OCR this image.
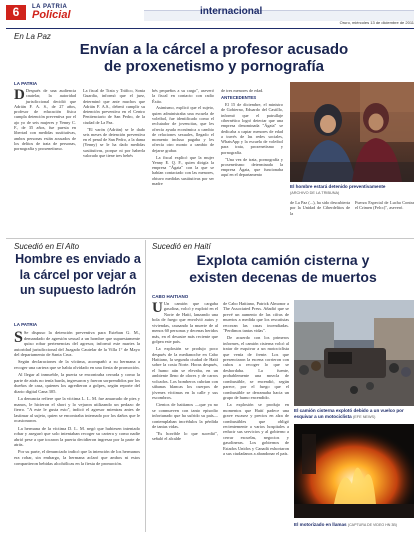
6	LA PATRIA
Policial	internacional
Oruro, miércoles 13 de diciembre de 2011
En La Paz
Envían a la cárcel a profesor acusado
de proxenetismo y pornografía
LA PATRIA
D Después de una audiencia cautelar, la autoridad jurisdiccional decidió que Adrián F. A. S., de 27 años, profesor de educación física cumpla detención preventiva por el ajo yo de seis mujeres y Yenny C. F., de 35 años, fue puesta en libertad con medidas sustitutivas, ambos personas están acusados de los delitos de trata de personas, pornografía y proxenetismo.

La fiscal de Trata y Tráfico, Sonia Guardia, informó que el juez, determinó que ante muchos que Adrián F. A.S., deberá cumplir su detención preventiva en el Centro Penitenciario de San Pedro, de la ciudad de La Paz.

"El varón (Adrián) se le dado seis meses de detención preventiva en el penal de San Pedro, a la dama (Yenny) se le ha dado medidas sustitutivas, porque ni por haberla valorado que tiene tres bebés

bés pequeños a su cargo", aseveró la fiscal en contacto con radio Éxito.

Asimismo, explicó que el sujeto, quien administraba una escuela de voleibol, fue identificado como el reclutador de jovencitas, que les ofrecía ayuda económica a cambio de relaciones sexuales, llegado el momento incluso pagaba y les ofrecía otro monto a cambio de dejarse grabar.

La fiscal explicó que la mujer Yenny E. Q. F., quien dirigía la empresa "Ágata" con la que se habían contactado con las menores, obtuvo medidas sustitutivas por ser madre

de tres menores de edad.

ANTECEDENTES

El 15 de diciembre, el ministro de Gobierno, Eduardo del Castillo, informó que el patrullaje cibernético logró detectar que una empresa denominada "Ágata" se dedicaba a captar menores de edad a través de las redes sociales, WhatsApp y la escuela de voleibol para trata, proxenetismo y pornografía.

"Una vez de trata, pornografía y proxenetismo determinada la empresa Ágata, que funcionaba aquí en el departamento

El hombre estará detenido preventivamente
(ARCHIVO DE LA TRIBUNA)

de La Paz (...), ha sido descubierta por la Unidad de Ciberdelitos de la

Fuerza Especial de Lucha Contra el Crimen (Felcc)", aseveró.

Sucedió en El Alto
Hombre es enviado a la cárcel por vejar a un supuesto ladrón
LA PATRIA
S Se dispuso la detención preventiva para Esteban G. M., demandado de agresión sexual a un hombre que supuestamente quiso robar pertenencias del agresor, informó este martes la autoridad jurisdiccional del Juzgado Cautelar de la Villa 1° de Mayo del departamento de Santa Cruz.

Según declaraciones de la víctima, acompañó a su hermana a recoger una cartera que se había olvidado en una fiesta de promoción.

Al llegar al inmueble, la puerta se encontraba cerrada y como la parte de atrás no tenía barda, ingresaron y fueron sorprendidos por los dueños de casa, quienes los agredieron a golpes, según reporte del diario digital Cana 305.

La denuncia refiere que la víctima L. L. M. fue amarrado de pies y manos, le hicieron el short y lo vejaron utilizando un pedazo de fierro. "A este le gusta esto", indicó el agresor mientras antes de lastimar al sujeto, quien se encontraba internado por los daños que le ocasionaron.

La hermana de la víctima D. L. M. negó que hubiesen intentado robar y aseguró que solo intentaban recoger su cartera y como nadie abrió pese a que tocaron la puerta decidieron ingresar por la parte de atrás.

Por su parte, el denunciado indicó que la intención de los hermanos era robar, sin embargo, la hermana aclaró que ambos ni estos compartieron bebidas alcohólicas en la fiesta de promoción.

Sucedió en Haití
Explota camión cisterna y
existen decenas de muertos
CABO HAITIANO
U Un camión que cargaba gasolina, volcó y explotó en el Norte de Haití, lanzando una bola de fuego que envolvió autos y viviendas, causando la muerte de al menos 60 personas y decenas heridos más, en el desastre más reciente que golpea este país.

La explosión se produjo poco después de la medianoche en Cabo Haitiano, la segunda ciudad de Haití sobre la costa Norte. Horas después, el humo aún se elevaba, en un ambiente lleno de olores y de carros volcados. Los bomberos cubrían con sábanas blancas los cuerpos de jóvenes víctimas en la calle y sus escombros.

Cientos de haitianos —que ya no se conmueven con tanto episodio infortunado que ha sufrido su país— contemplaban incrédulos la pérdida de tantas vidas.

"Es horrible lo que sucedió", señaló el alcalde

de Cabo Haitiano, Patrick Almonor a The Associated Press. Añadió que se prevé un aumento de las cifras de muertos a medida que los rescatistas recorran las casas incendiadas. "Perdimos tantas vidas".

De acuerdo con los primeros informes, el camión cisterna volcó al tratar de esquivar a un motociclista que venía de frente. Los que presenciaron la escena corrieron con cubos a recoger lo que se desbordaba. La fuente, probablemente una mezcla de combustible, se encendió, según parece, por el fuego que el combustible se derramaba hacia un grupo de humo encendido.

La explosión se produjo en momentos que Haití padece una grave escasez y precios en alza de combustibles que obligó recientemente a varios hospitales a reducir sus servicios y al gobierno a cerrar escuelas, negocios y gasolineras. Los gobiernos de Estados Unidos y Canadá exhortaron a sus ciudadanos a abandonar el país.

El camión cisterna explotó debido a un vuelco por esquivar a un motociclista (EFE NEWS)
El motorizado en llamas (CAPTURA DE VIDEO HN 3B)
